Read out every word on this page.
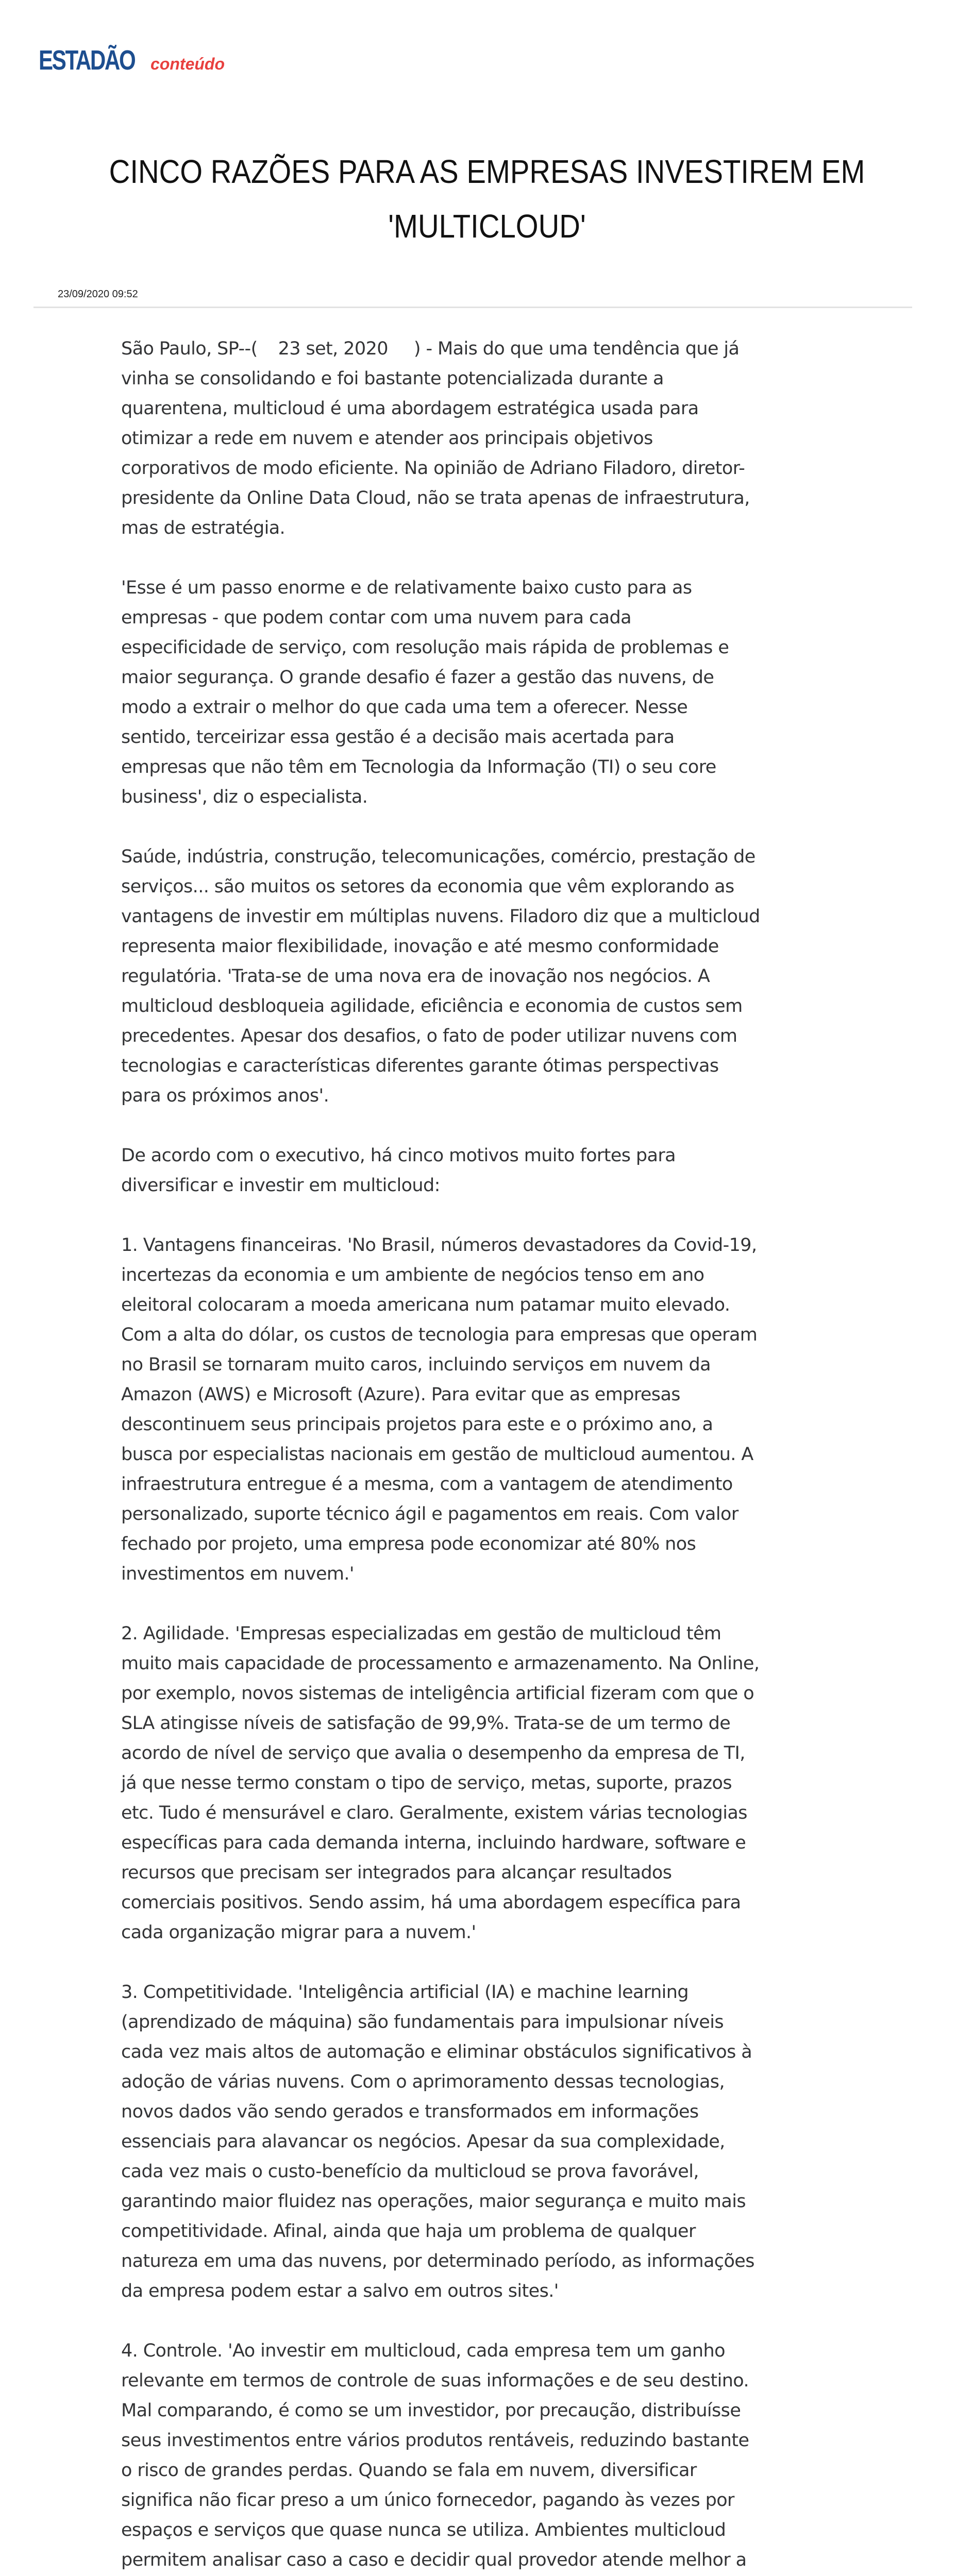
ESTADÃO conteúdo
CINCO RAZÕES PARA AS EMPRESAS INVESTIREM EM 'MULTICLOUD'
23/09/2020 09:52

São Paulo, SP--( 23 set, 2020 ) - Mais do que uma tendência que já vinha se consolidando e foi bastante potencializada durante a quarentena, multicloud é uma abordagem estratégica usada para otimizar a rede em nuvem e atender aos principais objetivos corporativos de modo eficiente. Na opinião de Adriano Filadoro, diretor-presidente da Online Data Cloud, não se trata apenas de infraestrutura, mas de estratégia.

'Esse é um passo enorme e de relativamente baixo custo para as empresas - que podem contar com uma nuvem para cada especificidade de serviço, com resolução mais rápida de problemas e maior segurança. O grande desafio é fazer a gestão das nuvens, de modo a extrair o melhor do que cada uma tem a oferecer. Nesse sentido, terceirizar essa gestão é a decisão mais acertada para empresas que não têm em Tecnologia da Informação (TI) o seu core business', diz o especialista.

Saúde, indústria, construção, telecomunicações, comércio, prestação de serviços... são muitos os setores da economia que vêm explorando as vantagens de investir em múltiplas nuvens. Filadoro diz que a multicloud representa maior flexibilidade, inovação e até mesmo conformidade regulatória. 'Trata-se de uma nova era de inovação nos negócios. A multicloud desbloqueia agilidade, eficiência e economia de custos sem precedentes. Apesar dos desafios, o fato de poder utilizar nuvens com tecnologias e características diferentes garante ótimas perspectivas para os próximos anos'.

De acordo com o executivo, há cinco motivos muito fortes para diversificar e investir em multicloud:

1. Vantagens financeiras. 'No Brasil, números devastadores da Covid-19, incertezas da economia e um ambiente de negócios tenso em ano eleitoral colocaram a moeda americana num patamar muito elevado. Com a alta do dólar, os custos de tecnologia para empresas que operam no Brasil se tornaram muito caros, incluindo serviços em nuvem da Amazon (AWS) e Microsoft (Azure). Para evitar que as empresas descontinuem seus principais projetos para este e o próximo ano, a busca por especialistas nacionais em gestão de multicloud aumentou. A infraestrutura entregue é a mesma, com a vantagem de atendimento personalizado, suporte técnico ágil e pagamentos em reais. Com valor fechado por projeto, uma empresa pode economizar até 80% nos investimentos em nuvem.'

2. Agilidade. 'Empresas especializadas em gestão de multicloud têm muito mais capacidade de processamento e armazenamento. Na Online, por exemplo, novos sistemas de inteligência artificial fizeram com que o SLA atingisse níveis de satisfação de 99,9%. Trata-se de um termo de acordo de nível de serviço que avalia o desempenho da empresa de TI, já que nesse termo constam o tipo de serviço, metas, suporte, prazos etc. Tudo é mensurável e claro. Geralmente, existem várias tecnologias específicas para cada demanda interna, incluindo hardware, software e recursos que precisam ser integrados para alcançar resultados comerciais positivos. Sendo assim, há uma abordagem específica para cada organização migrar para a nuvem.'

3. Competitividade. 'Inteligência artificial (IA) e machine learning (aprendizado de máquina) são fundamentais para impulsionar níveis cada vez mais altos de automação e eliminar obstáculos significativos à adoção de várias nuvens. Com o aprimoramento dessas tecnologias, novos dados vão sendo gerados e transformados em informações essenciais para alavancar os negócios. Apesar da sua complexidade, cada vez mais o custo-benefício da multicloud se prova favorável, garantindo maior fluidez nas operações, maior segurança e muito mais competitividade. Afinal, ainda que haja um problema de qualquer natureza em uma das nuvens, por determinado período, as informações da empresa podem estar a salvo em outros sites.'

4. Controle. 'Ao investir em multicloud, cada empresa tem um ganho relevante em termos de controle de suas informações e de seu destino. Mal comparando, é como se um investidor, por precaução, distribuísse seus investimentos entre vários produtos rentáveis, reduzindo bastante o risco de grandes perdas. Quando se fala em nuvem, diversificar significa não ficar preso a um único fornecedor, pagando às vezes por espaços e serviços que quase nunca se utiliza. Ambientes multicloud permitem analisar caso a caso e decidir qual provedor atende melhor a
